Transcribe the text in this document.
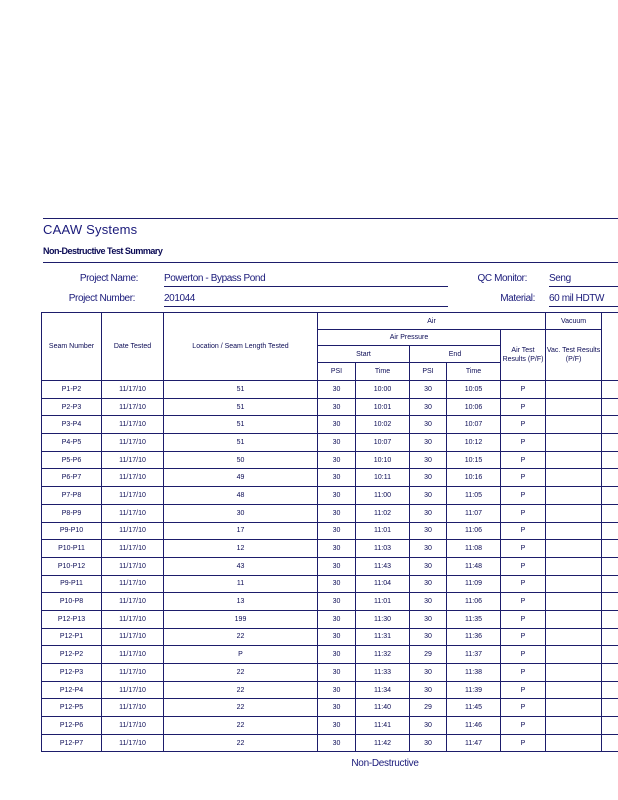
CAAW Systems
Non-Destructive Test Summary
Project Name:	Powerton - Bypass Pond
Project Number:	201044
QC Monitor: Seng
Material: 60 mil HDTW
Seam Number	Date Tested	Location / Seam Length Tested	Air					Vacuum	
			Air Pressure				Air Test Results (P/F)	Vac. Test Results (P/F)	
			Start		End				
			PSI	Time	PSI	Time			
P1-P2	11/17/10	51	30	10:00	30	10:05	P		
P2-P3	11/17/10	51	30	10:01	30	10:06	P		
P3-P4	11/17/10	51	30	10:02	30	10:07	P		
P4-P5	11/17/10	51	30	10:07	30	10:12	P		
P5-P6	11/17/10	50	30	10:10	30	10:15	P		
P6-P7	11/17/10	49	30	10:11	30	10:16	P		
P7-P8	11/17/10	48	30	11:00	30	11:05	P		
P8-P9	11/17/10	30	30	11:02	30	11:07	P		
P9-P10	11/17/10	17	30	11:01	30	11:06	P		
P10-P11	11/17/10	12	30	11:03	30	11:08	P		
P10-P12	11/17/10	43	30	11:43	30	11:48	P		
P9-P11	11/17/10	11	30	11:04	30	11:09	P		
P10-P8	11/17/10	13	30	11:01	30	11:06	P		
P12-P13	11/17/10	199	30	11:30	30	11:35	P		
P12-P1	11/17/10	22	30	11:31	30	11:36	P		
P12-P2	11/17/10	P	30	11:32	29	11:37	P		
P12-P3	11/17/10	22	30	11:33	30	11:38	P		
P12-P4	11/17/10	22	30	11:34	30	11:39	P		
P12-P5	11/17/10	22	30	11:40	29	11:45	P		
P12-P6	11/17/10	22	30	11:41	30	11:46	P		
P12-P7	11/17/10	22	30	11:42	30	11:47	P		
Non-Destructive
